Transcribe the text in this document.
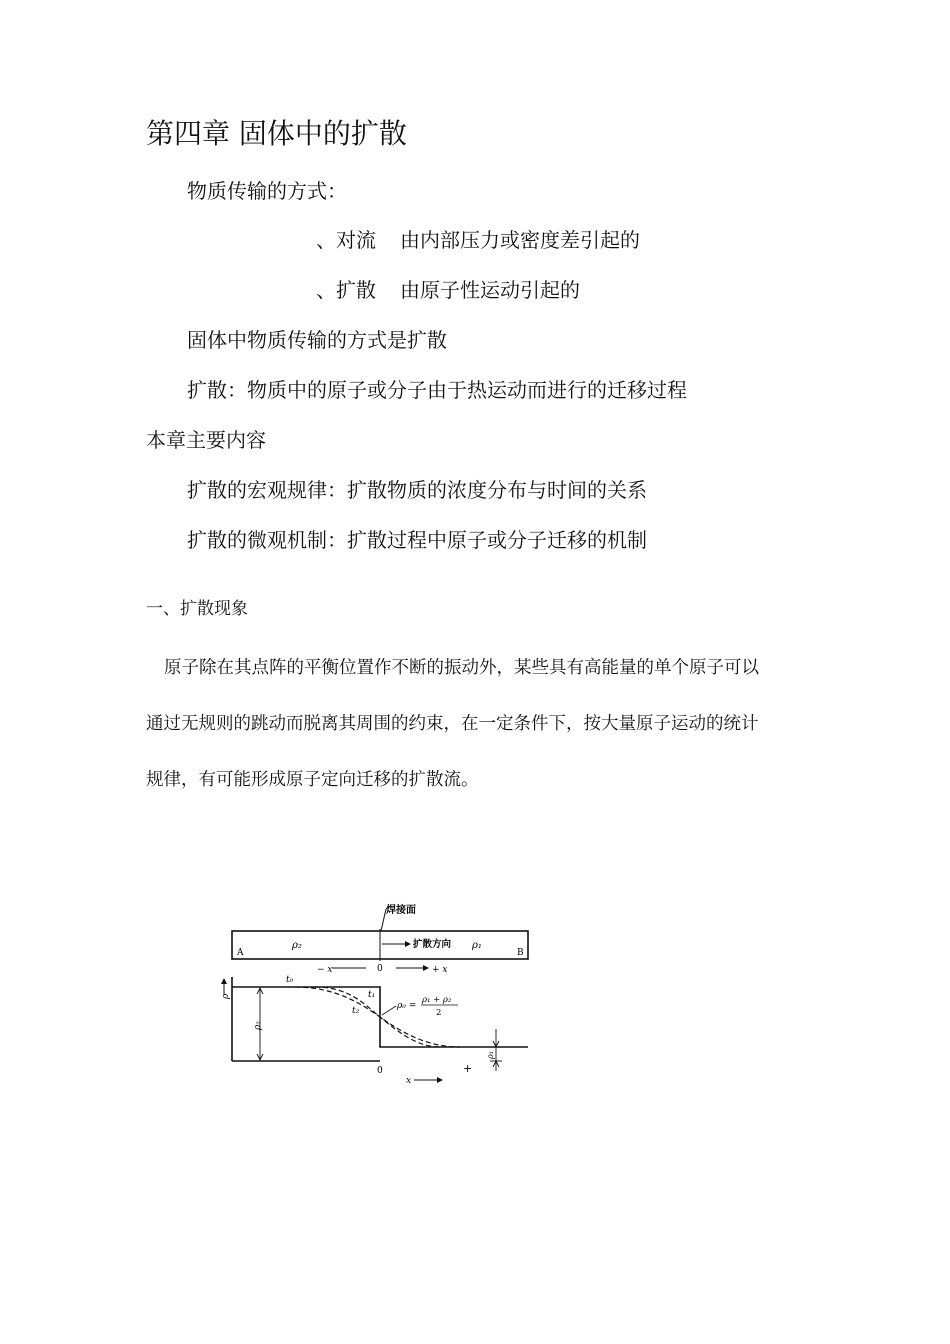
第四章 固体中的扩散
物质传输的方式：
、对流 由内部压力或密度差引起的
、扩散 由原子性运动引起的
固体中物质传输的方式是扩散
扩散：物质中的原子或分子由于热运动而进行的迁移过程
本章主要内容
扩散的宏观规律：扩散物质的浓度分布与时间的关系
扩散的微观机制：扩散过程中原子或分子迁移的机制
一、扩散现象
原子除在其点阵的平衡位置作不断的振动外，某些具有高能量的单个原子可以
通过无规则的跳动而脱离其周围的约束，在一定条件下，按大量原子运动的统计
规律，有可能形成原子定向迁移的扩散流。
焊接面
A	B
ρ₂	ρ₁
扩散方向
− x	0	+ x
ρ
t₀
t₁
t₂	ρ₀ =
ρ₁ + ρ₂
2
ρ₂
ρ₁
0	+
x
